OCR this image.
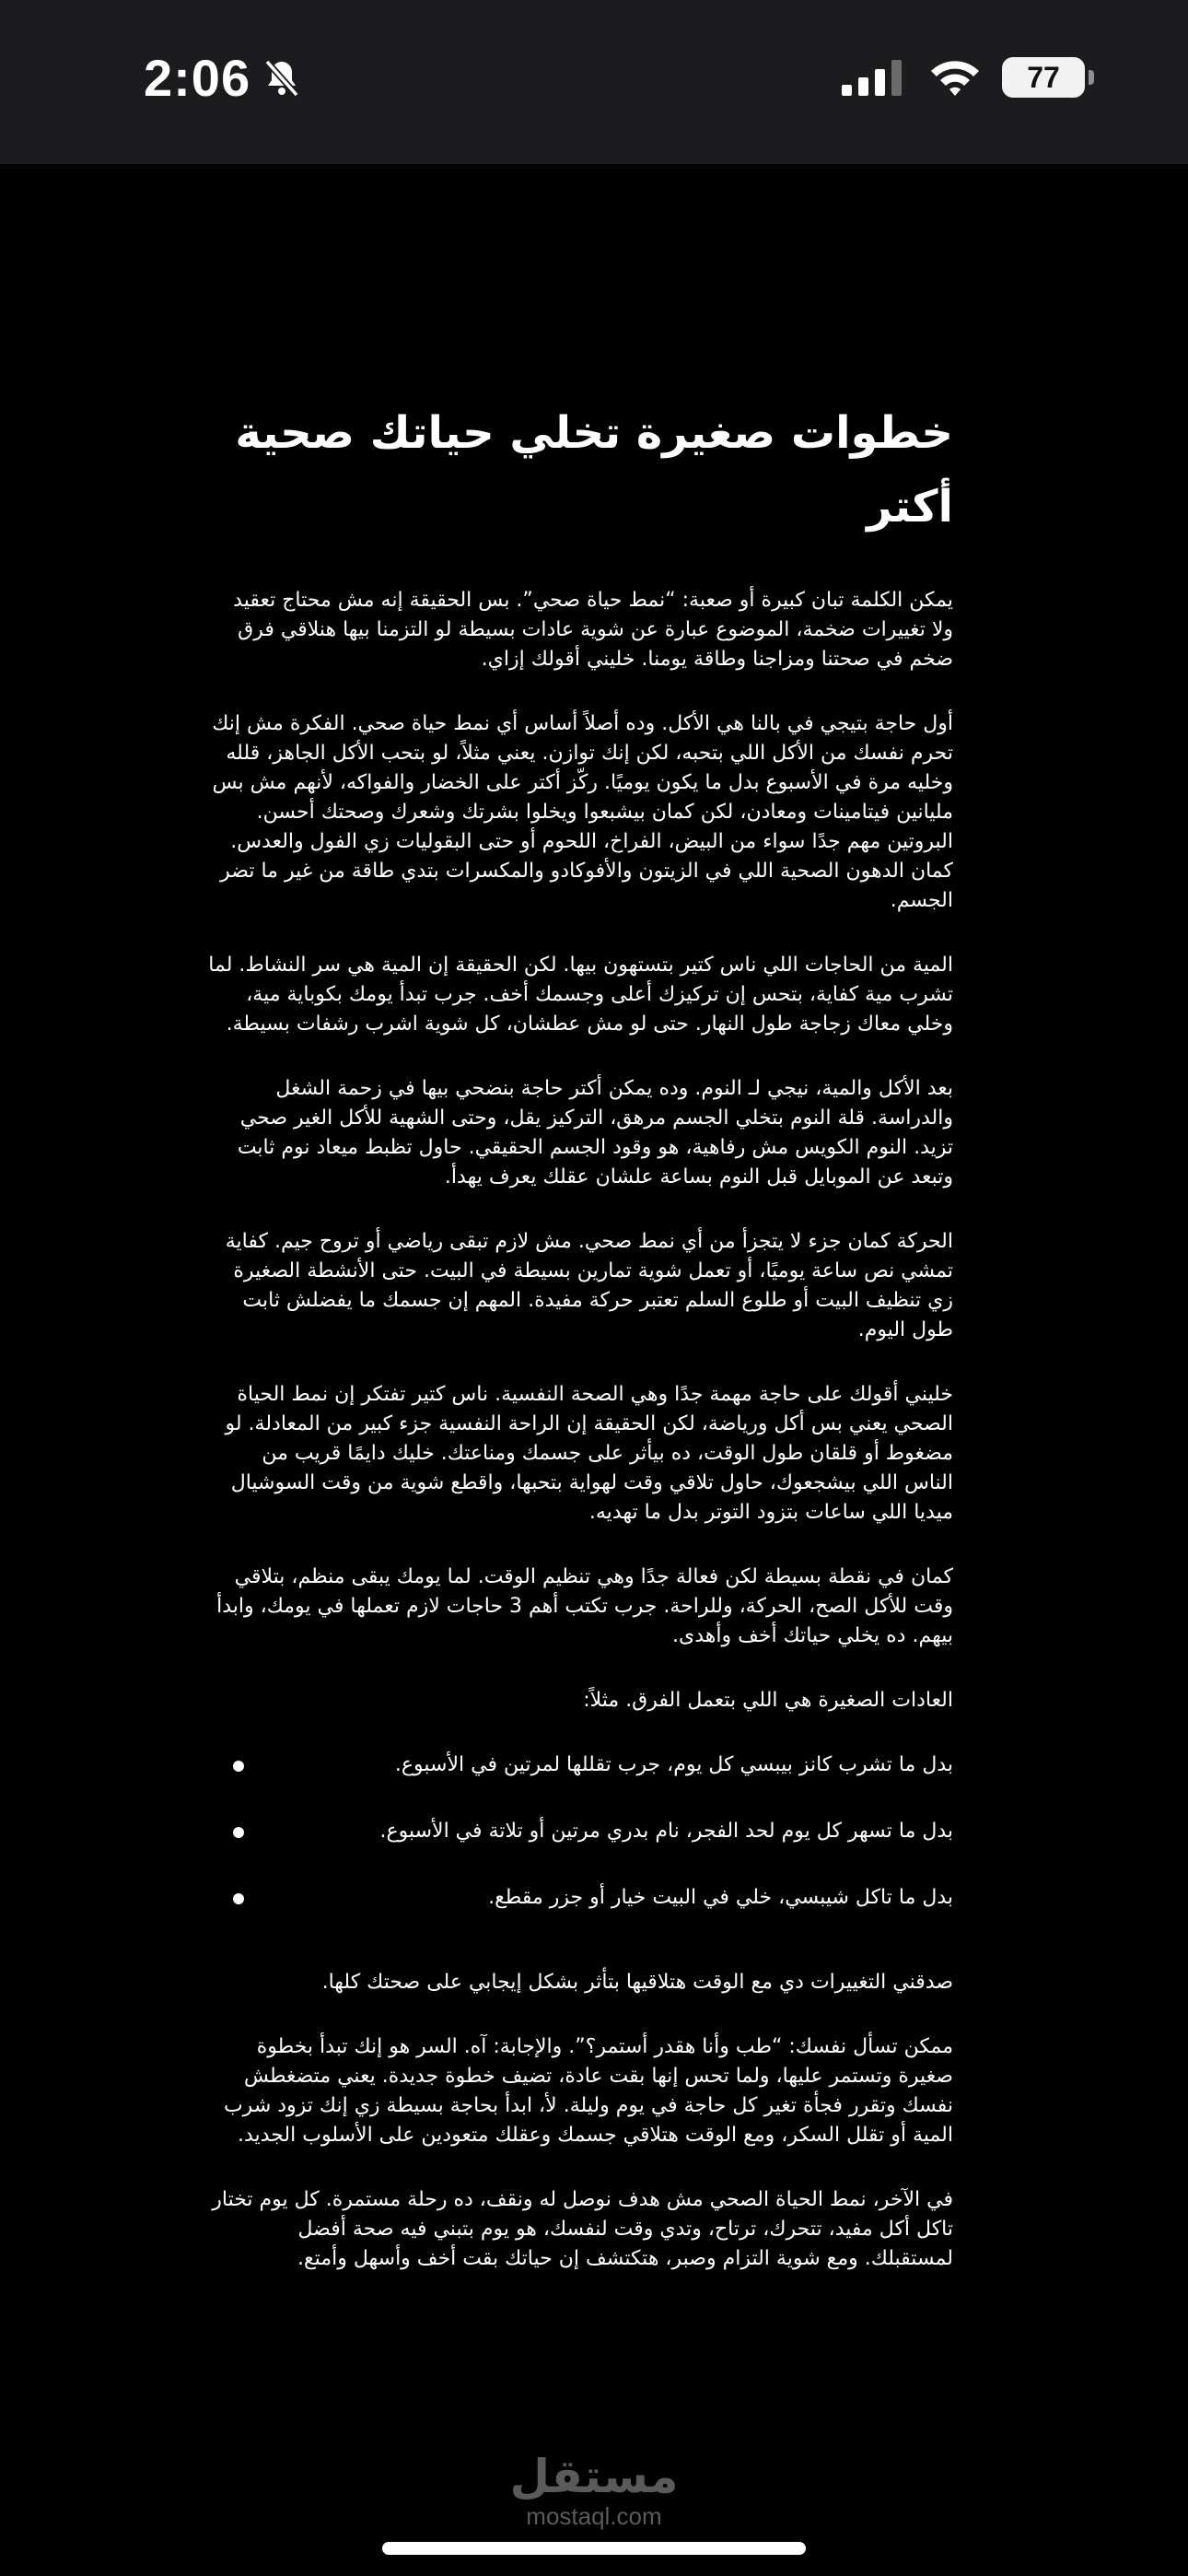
2:06	77
خطوات صغيرة تخلي حياتك صحية أكتر

يمكن الكلمة تبان كبيرة أو صعبة: “نمط حياة صحي”. بس الحقيقة إنه مش محتاج تعقيد ولا تغييرات ضخمة، الموضوع عبارة عن شوية عادات بسيطة لو التزمنا بيها هنلاقي فرق ضخم في صحتنا ومزاجنا وطاقة يومنا. خليني أقولك إزاي.

أول حاجة بتيجي في بالنا هي الأكل. وده أصلاً أساس أي نمط حياة صحي. الفكرة مش إنك تحرم نفسك من الأكل اللي بتحبه، لكن إنك توازن. يعني مثلاً، لو بتحب الأكل الجاهز، قلله وخليه مرة في الأسبوع بدل ما يكون يوميًا. ركّز أكتر على الخضار والفواكه، لأنهم مش بس مليانين فيتامينات ومعادن، لكن كمان بيشبعوا ويخلوا بشرتك وشعرك وصحتك أحسن. البروتين مهم جدًا سواء من البيض، الفراخ، اللحوم أو حتى البقوليات زي الفول والعدس. كمان الدهون الصحية اللي في الزيتون والأفوكادو والمكسرات بتدي طاقة من غير ما تضر الجسم.

المية من الحاجات اللي ناس كتير بتستهون بيها. لكن الحقيقة إن المية هي سر النشاط. لما تشرب مية كفاية، بتحس إن تركيزك أعلى وجسمك أخف. جرب تبدأ يومك بكوباية مية، وخلي معاك زجاجة طول النهار. حتى لو مش عطشان، كل شوية اشرب رشفات بسيطة.

بعد الأكل والمية، نيجي لـ النوم. وده يمكن أكتر حاجة بنضحي بيها في زحمة الشغل والدراسة. قلة النوم بتخلي الجسم مرهق، التركيز يقل، وحتى الشهية للأكل الغير صحي تزيد. النوم الكويس مش رفاهية، هو وقود الجسم الحقيقي. حاول تظبط ميعاد نوم ثابت وتبعد عن الموبايل قبل النوم بساعة علشان عقلك يعرف يهدأ.

الحركة كمان جزء لا يتجزأ من أي نمط صحي. مش لازم تبقى رياضي أو تروح جيم. كفاية تمشي نص ساعة يوميًا، أو تعمل شوية تمارين بسيطة في البيت. حتى الأنشطة الصغيرة زي تنظيف البيت أو طلوع السلم تعتبر حركة مفيدة. المهم إن جسمك ما يفضلش ثابت طول اليوم.

خليني أقولك على حاجة مهمة جدًا وهي الصحة النفسية. ناس كتير تفتكر إن نمط الحياة الصحي يعني بس أكل ورياضة، لكن الحقيقة إن الراحة النفسية جزء كبير من المعادلة. لو مضغوط أو قلقان طول الوقت، ده بيأثر على جسمك ومناعتك. خليك دايمًا قريب من الناس اللي بيشجعوك، حاول تلاقي وقت لهواية بتحبها، واقطع شوية من وقت السوشيال ميديا اللي ساعات بتزود التوتر بدل ما تهديه.

كمان في نقطة بسيطة لكن فعالة جدًا وهي تنظيم الوقت. لما يومك يبقى منظم، بتلاقي وقت للأكل الصح، الحركة، وللراحة. جرب تكتب أهم 3 حاجات لازم تعملها في يومك، وابدأ بيهم. ده يخلي حياتك أخف وأهدى.

العادات الصغيرة هي اللي بتعمل الفرق. مثلاً:

بدل ما تشرب كانز بيبسي كل يوم، جرب تقللها لمرتين في الأسبوع.
بدل ما تسهر كل يوم لحد الفجر، نام بدري مرتين أو تلاتة في الأسبوع.
بدل ما تاكل شيبسي، خلي في البيت خيار أو جزر مقطع.

صدقني التغييرات دي مع الوقت هتلاقيها بتأثر بشكل إيجابي على صحتك كلها.

ممكن تسأل نفسك: “طب وأنا هقدر أستمر؟”. والإجابة: آه. السر هو إنك تبدأ بخطوة صغيرة وتستمر عليها، ولما تحس إنها بقت عادة، تضيف خطوة جديدة. يعني متضغطش نفسك وتقرر فجأة تغير كل حاجة في يوم وليلة. لأ، ابدأ بحاجة بسيطة زي إنك تزود شرب المية أو تقلل السكر، ومع الوقت هتلاقي جسمك وعقلك متعودين على الأسلوب الجديد.

في الآخر، نمط الحياة الصحي مش هدف نوصل له ونقف، ده رحلة مستمرة. كل يوم تختار تاكل أكل مفيد، تتحرك، ترتاح، وتدي وقت لنفسك، هو يوم بتبني فيه صحة أفضل لمستقبلك. ومع شوية التزام وصبر، هتكتشف إن حياتك بقت أخف وأسهل وأمتع.

مستقل
mostaql.com
